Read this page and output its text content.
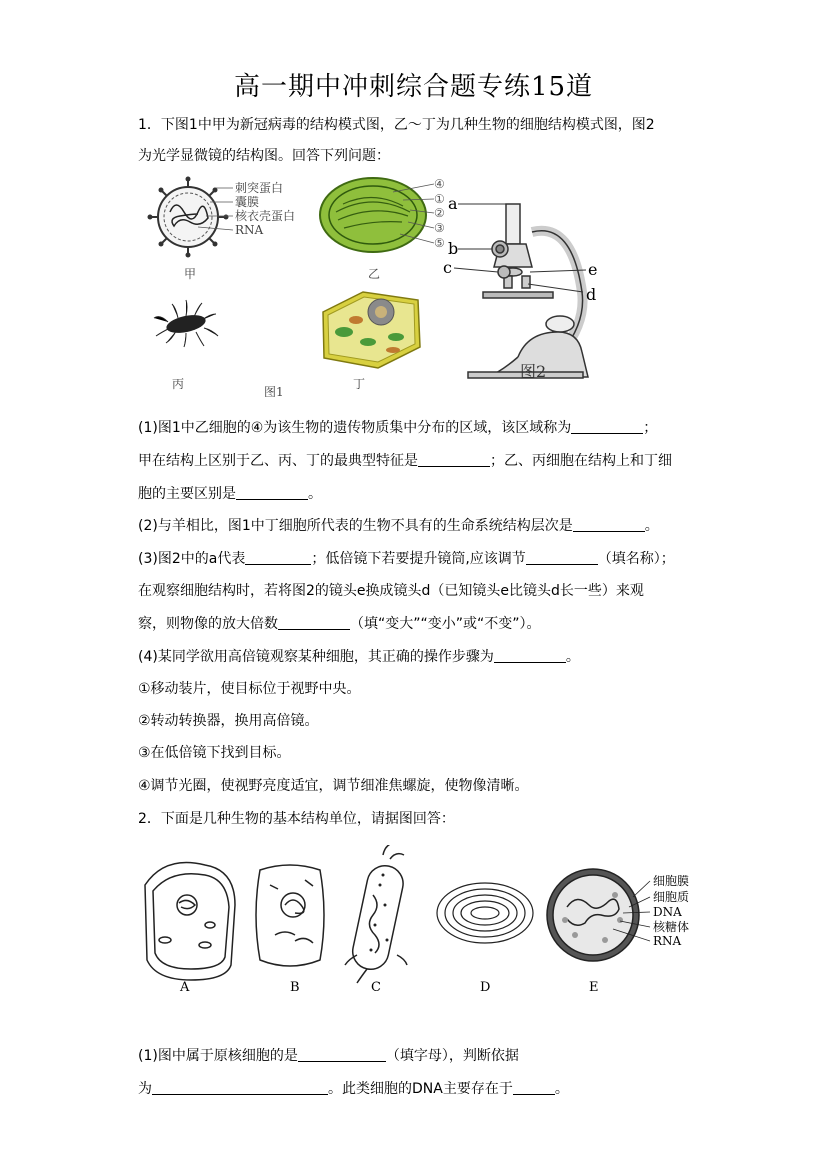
高一期中冲刺综合题专练15道
1．下图1中甲为新冠病毒的结构模式图，乙～丁为几种生物的细胞结构模式图，图2
为光学显微镜的结构图。回答下列问题：
刺突蛋白
囊膜
核衣壳蛋白
RNA
甲
④
①
②
③
⑤
乙
丙
图1
丁
a
b
c	e
d
图2
(1)图1中乙细胞的④为该生物的遗传物质集中分布的区域，该区域称为	；
甲在结构上区别于乙、丙、丁的最典型特征是	；乙、丙细胞在结构上和丁细
胞的主要区别是	。
(2)与羊相比，图1中丁细胞所代表的生物不具有的生命系统结构层次是	。
(3)图2中的a代表	；低倍镜下若要提升镜筒,应该调节	（填名称）；
在观察细胞结构时，若将图2的镜头e换成镜头d（已知镜头e比镜头d长一些）来观
察，则物像的放大倍数	（填“变大”“变小”或“不变”）。
(4)某同学欲用高倍镜观察某种细胞，其正确的操作步骤为	。
①移动装片，使目标位于视野中央。
②转动转换器，换用高倍镜。
③在低倍镜下找到目标。
④调节光圈，使视野亮度适宜，调节细准焦螺旋，使物像清晰。
2．下面是几种生物的基本结构单位，请据图回答：
细胞膜
细胞质
DNA
核糖体
RNA
A	B	C	D	E
(1)图中属于原核细胞的是	（填字母），判断依据
为	。此类细胞的DNA主要存在于	。
